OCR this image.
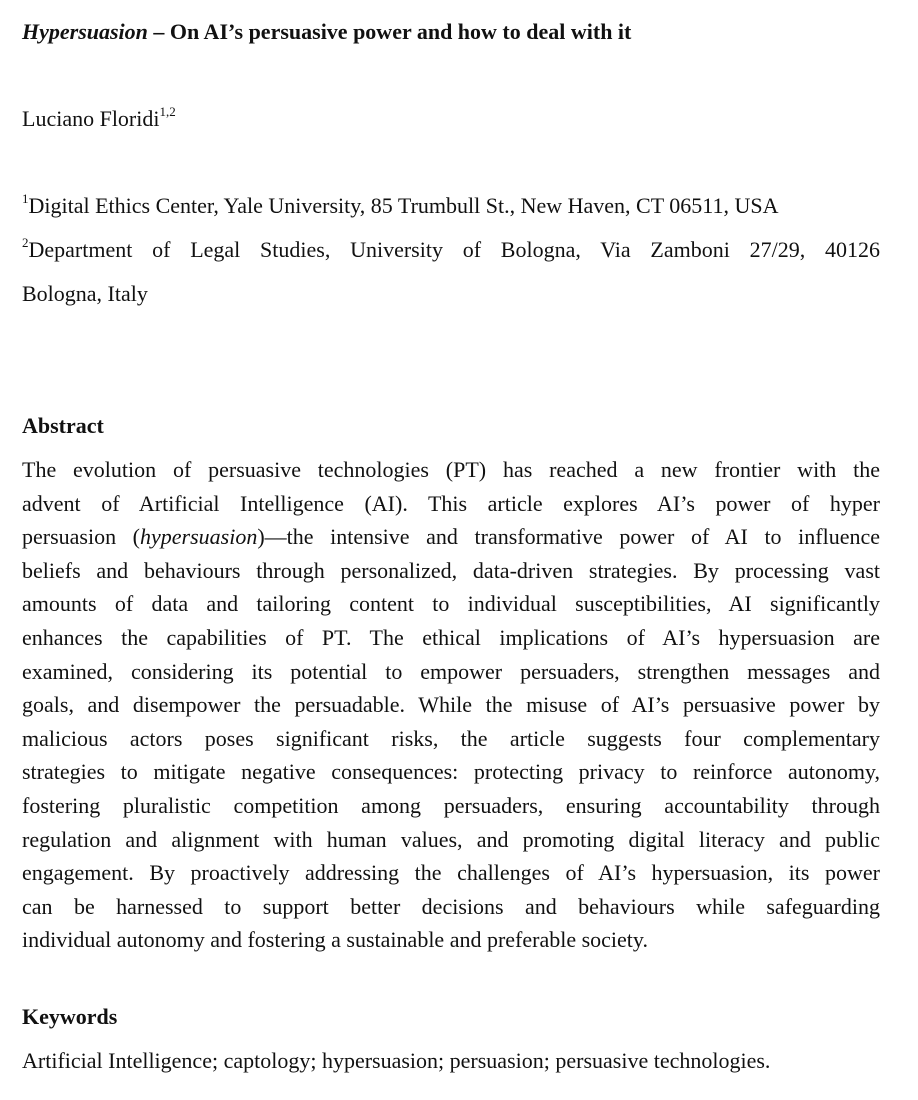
Hypersuasion – On AI’s persuasive power and how to deal with it
Luciano Floridi$^{1,2}$
$^1$Digital Ethics Center, Yale University, 85 Trumbull St., New Haven, CT 06511, USA
$^2$Department of Legal Studies, University of Bologna, Via Zamboni 27/29, 40126
Bologna, Italy
Abstract
The evolution of persuasive technologies (PT) has reached a new frontier with the
advent of Artificial Intelligence (AI). This article explores AI’s power of hyper
persuasion (hypersuasion)—the intensive and transformative power of AI to influence
beliefs and behaviours through personalized, data-driven strategies. By processing vast
amounts of data and tailoring content to individual susceptibilities, AI significantly
enhances the capabilities of PT. The ethical implications of AI’s hypersuasion are
examined, considering its potential to empower persuaders, strengthen messages and
goals, and disempower the persuadable. While the misuse of AI’s persuasive power by
malicious actors poses significant risks, the article suggests four complementary
strategies to mitigate negative consequences: protecting privacy to reinforce autonomy,
fostering pluralistic competition among persuaders, ensuring accountability through
regulation and alignment with human values, and promoting digital literacy and public
engagement. By proactively addressing the challenges of AI’s hypersuasion, its power
can be harnessed to support better decisions and behaviours while safeguarding
individual autonomy and fostering a sustainable and preferable society.
Keywords
Artificial Intelligence; captology; hypersuasion; persuasion; persuasive technologies.
